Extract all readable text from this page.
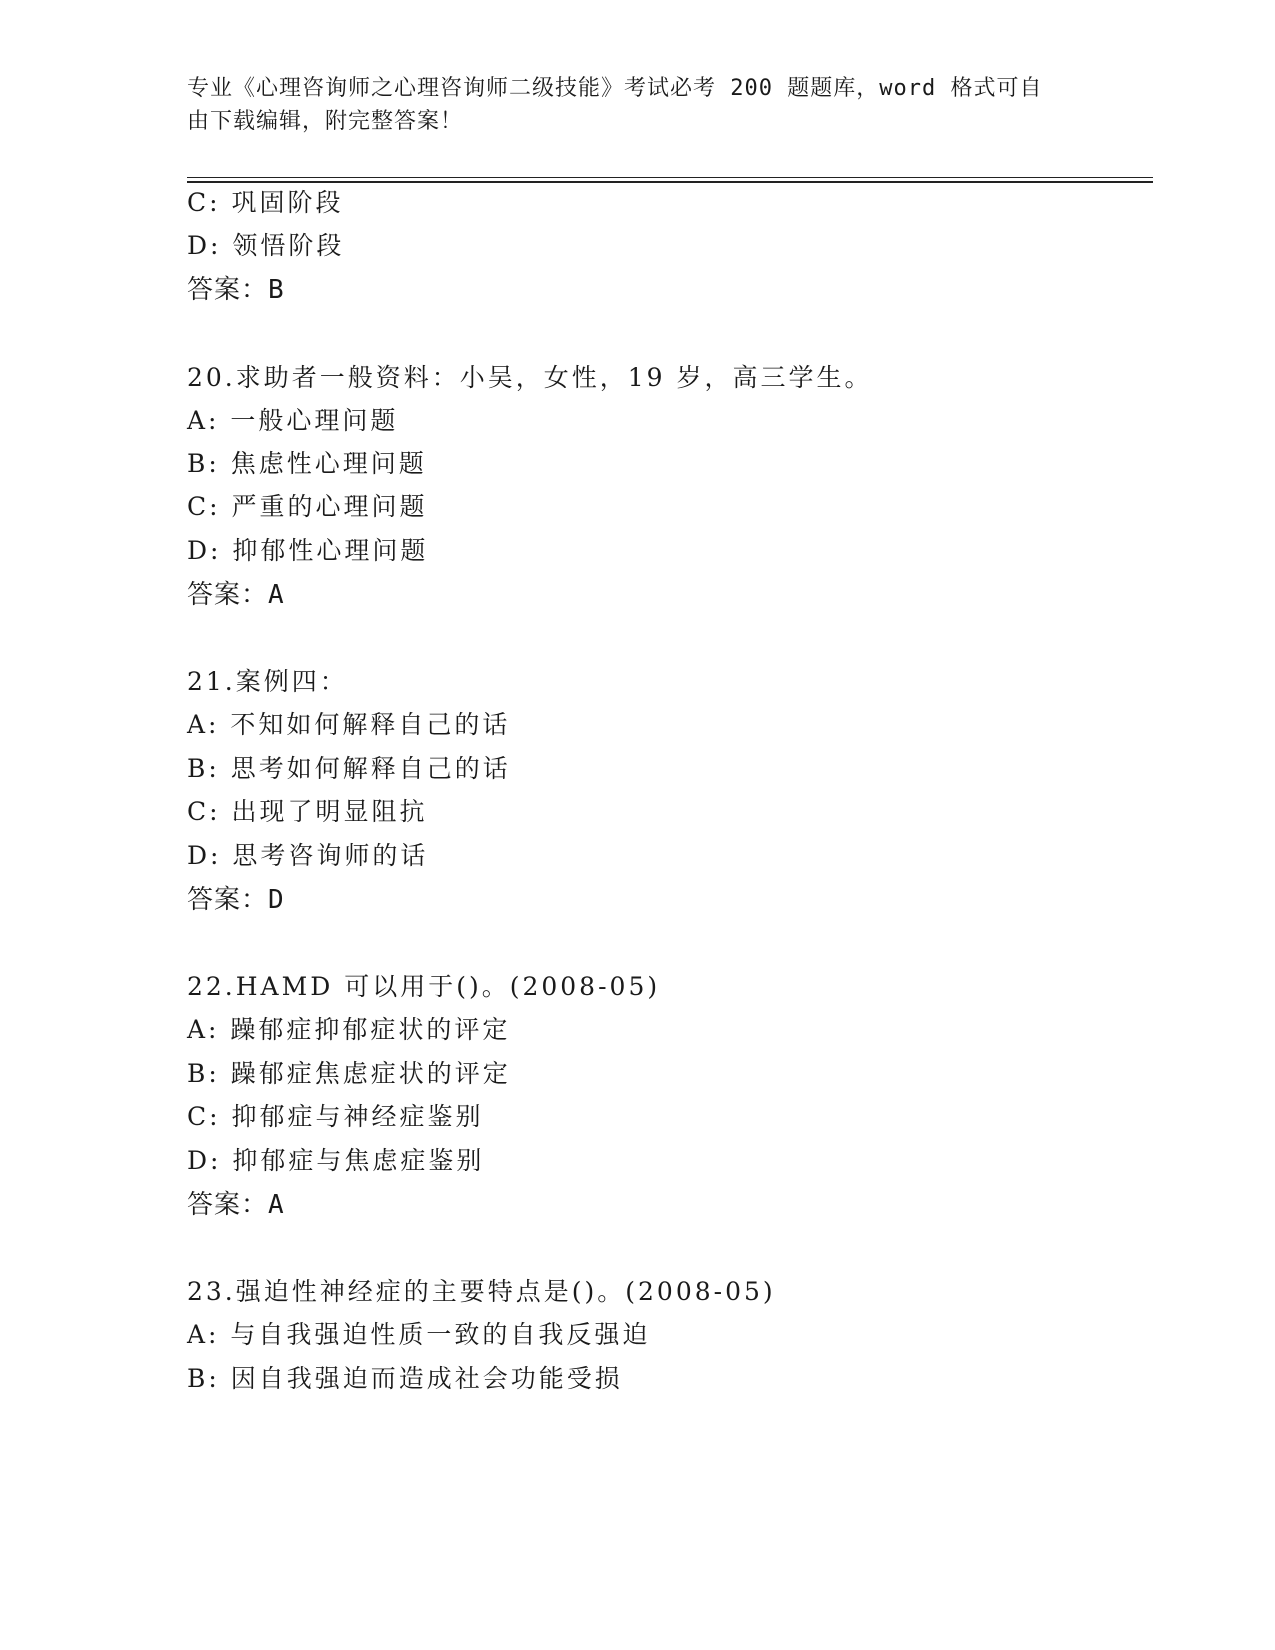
专业《心理咨询师之心理咨询师二级技能》考试必考 200 题题库，word 格式可自
由下载编辑，附完整答案！
C: 巩固阶段
D: 领悟阶段
答案：B
20.求助者一般资料：小吴，女性，19 岁，高三学生。
A: 一般心理问题
B: 焦虑性心理问题
C: 严重的心理问题
D: 抑郁性心理问题
答案：A
21.案例四：
A: 不知如何解释自己的话
B: 思考如何解释自己的话
C: 出现了明显阻抗
D: 思考咨询师的话
答案：D
22.HAMD 可以用于()。(2008-05)
A: 躁郁症抑郁症状的评定
B: 躁郁症焦虑症状的评定
C: 抑郁症与神经症鉴别
D: 抑郁症与焦虑症鉴别
答案：A
23.强迫性神经症的主要特点是()。(2008-05)
A: 与自我强迫性质一致的自我反强迫
B: 因自我强迫而造成社会功能受损
